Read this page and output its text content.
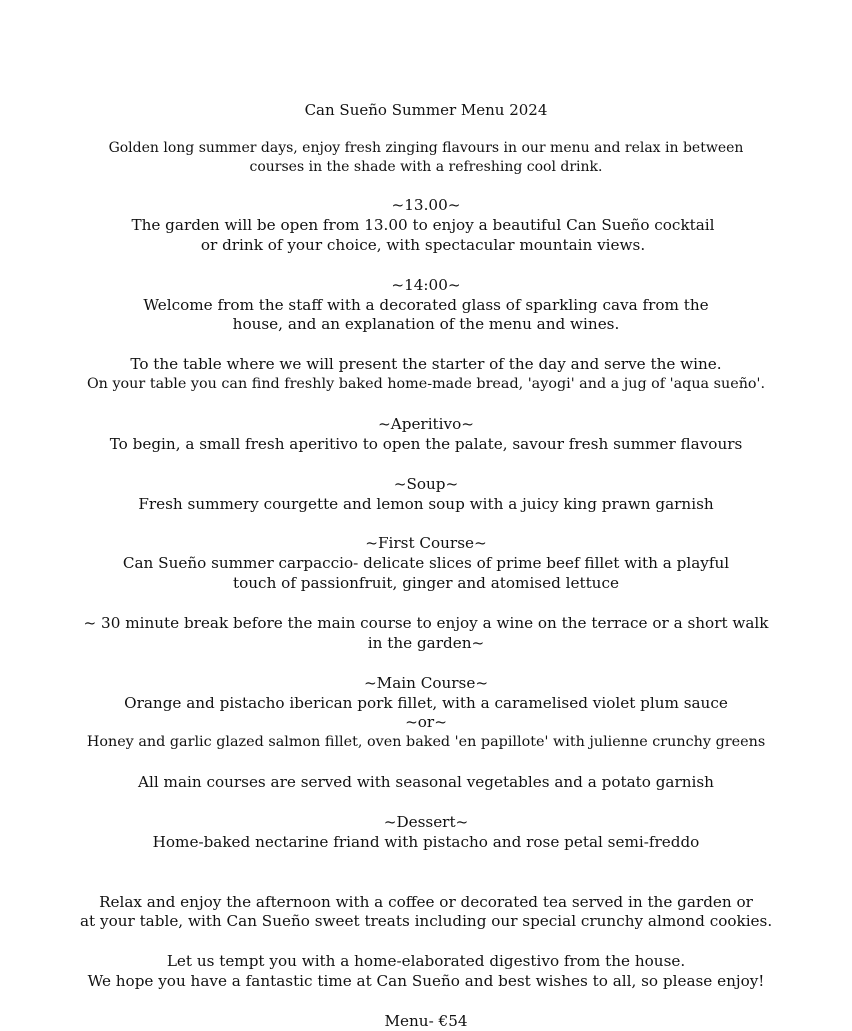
Can Sueño Summer Menu 2024
Golden long summer days, enjoy fresh zinging flavours in our menu and relax in between courses in the shade with a refreshing cool drink.
~13.00~
The garden will be open from 13.00 to enjoy a beautiful Can Sueño cocktail or drink of your choice, with spectacular mountain views.
~14:00~
Welcome from the staff with a decorated glass of sparkling cava from the house, and an explanation of the menu and wines.
To the table where we will present the starter of the day and serve the wine.
On your table you can find freshly baked home-made bread, 'ayogi' and a jug of 'aqua sueño'.
~Aperitivo~
To begin, a small fresh aperitivo to open the palate, savour fresh summer flavours
~Soup~
Fresh summery courgette and lemon soup with a juicy king prawn garnish
~First Course~
Can Sueño summer carpaccio- delicate slices of prime beef fillet with a playful touch of passionfruit, ginger and atomised lettuce
~ 30 minute break before the main course to enjoy a wine on the terrace or a short walk in the garden~
~Main Course~
Orange and pistacho iberican pork fillet, with a caramelised violet plum sauce
~or~
Honey and garlic glazed salmon fillet, oven baked 'en papillote' with julienne crunchy greens
All main courses are served with seasonal vegetables and a potato garnish
~Dessert~
Home-baked nectarine friand with pistacho and rose petal semi-freddo
Relax and enjoy the afternoon with a coffee or decorated tea served in the garden or
at your table, with Can Sueño sweet treats including our special crunchy almond cookies.
Let us tempt you with a home-elaborated digestivo from the house.
We hope you have a fantastic time at Can Sueño and best wishes to all, so please enjoy!
Menu- €54
